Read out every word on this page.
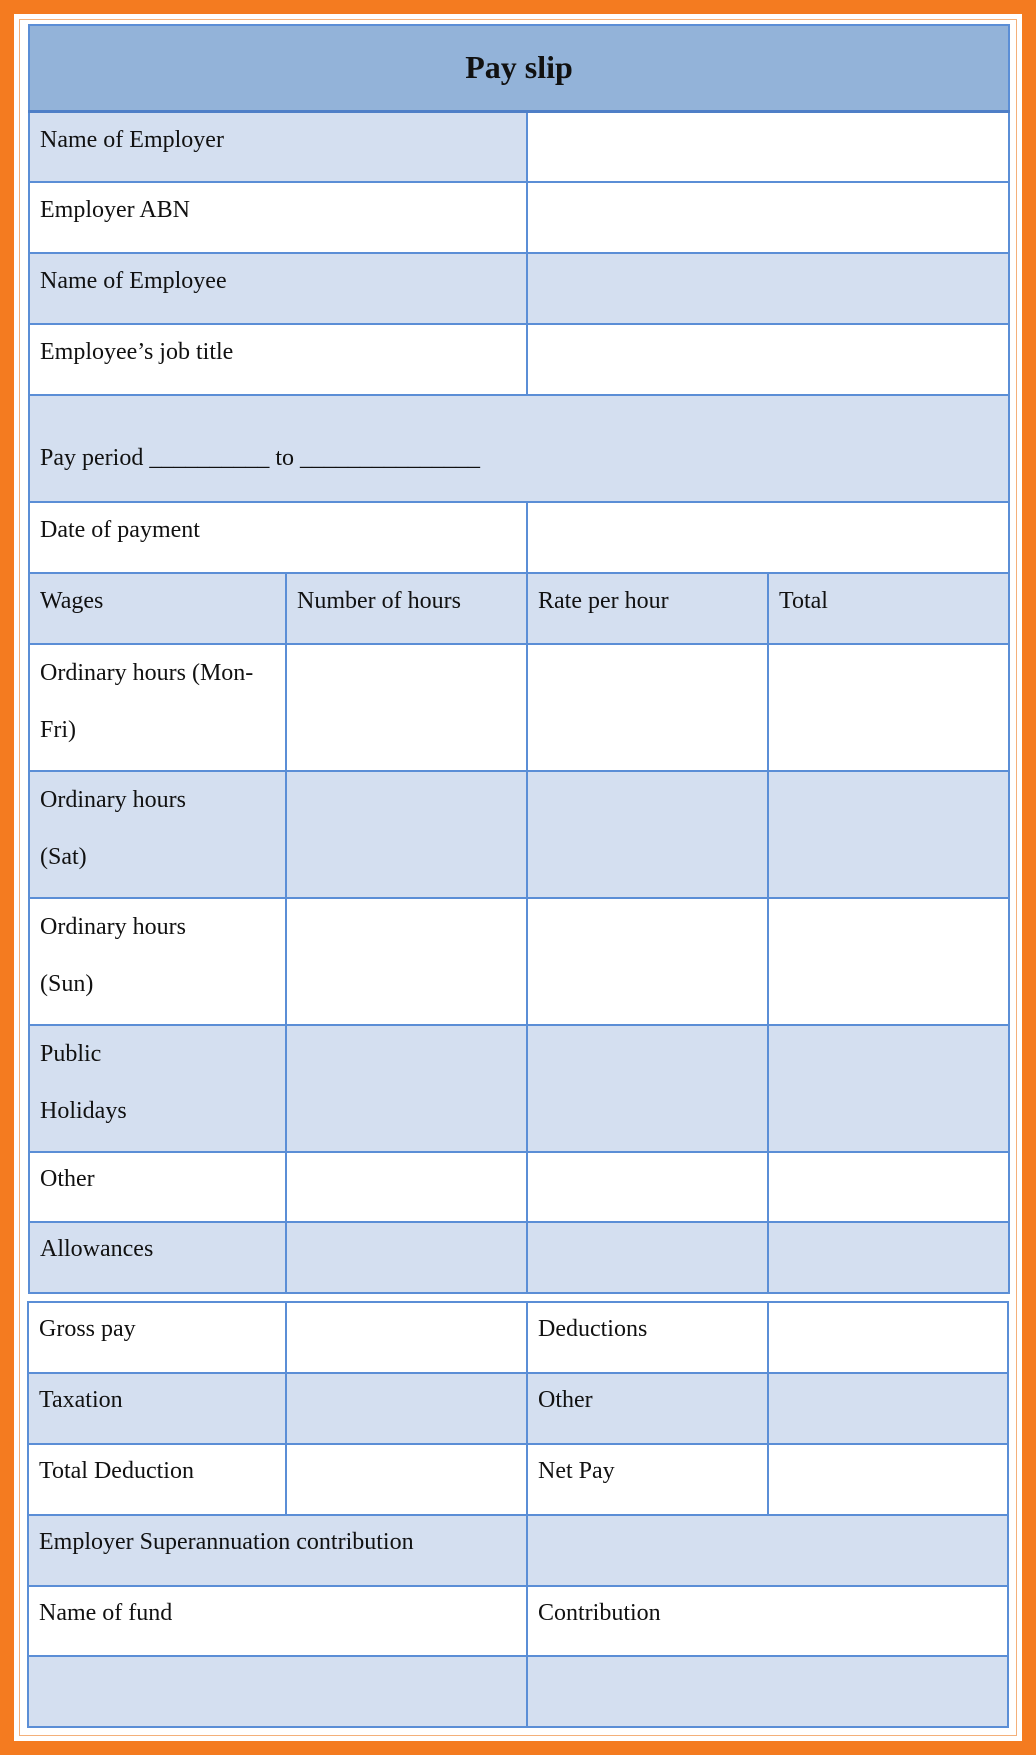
Pay slip			

Name of Employer			

Employer ABN			

Name of Employee			

Employee’s job title			

Pay period __________ to _______________			

Date of payment			

Wages	Number of hours	Rate per hour	Total

Ordinary hours (Mon-
Fri)			

Ordinary hours
(Sat)			

Ordinary hours
(Sun)			

Public
Holidays			

Other			

Allowances			

Gross pay		Deductions	

Taxation		Other	

Total Deduction		Net Pay	

Employer Superannuation contribution			

Name of fund		Contribution	
